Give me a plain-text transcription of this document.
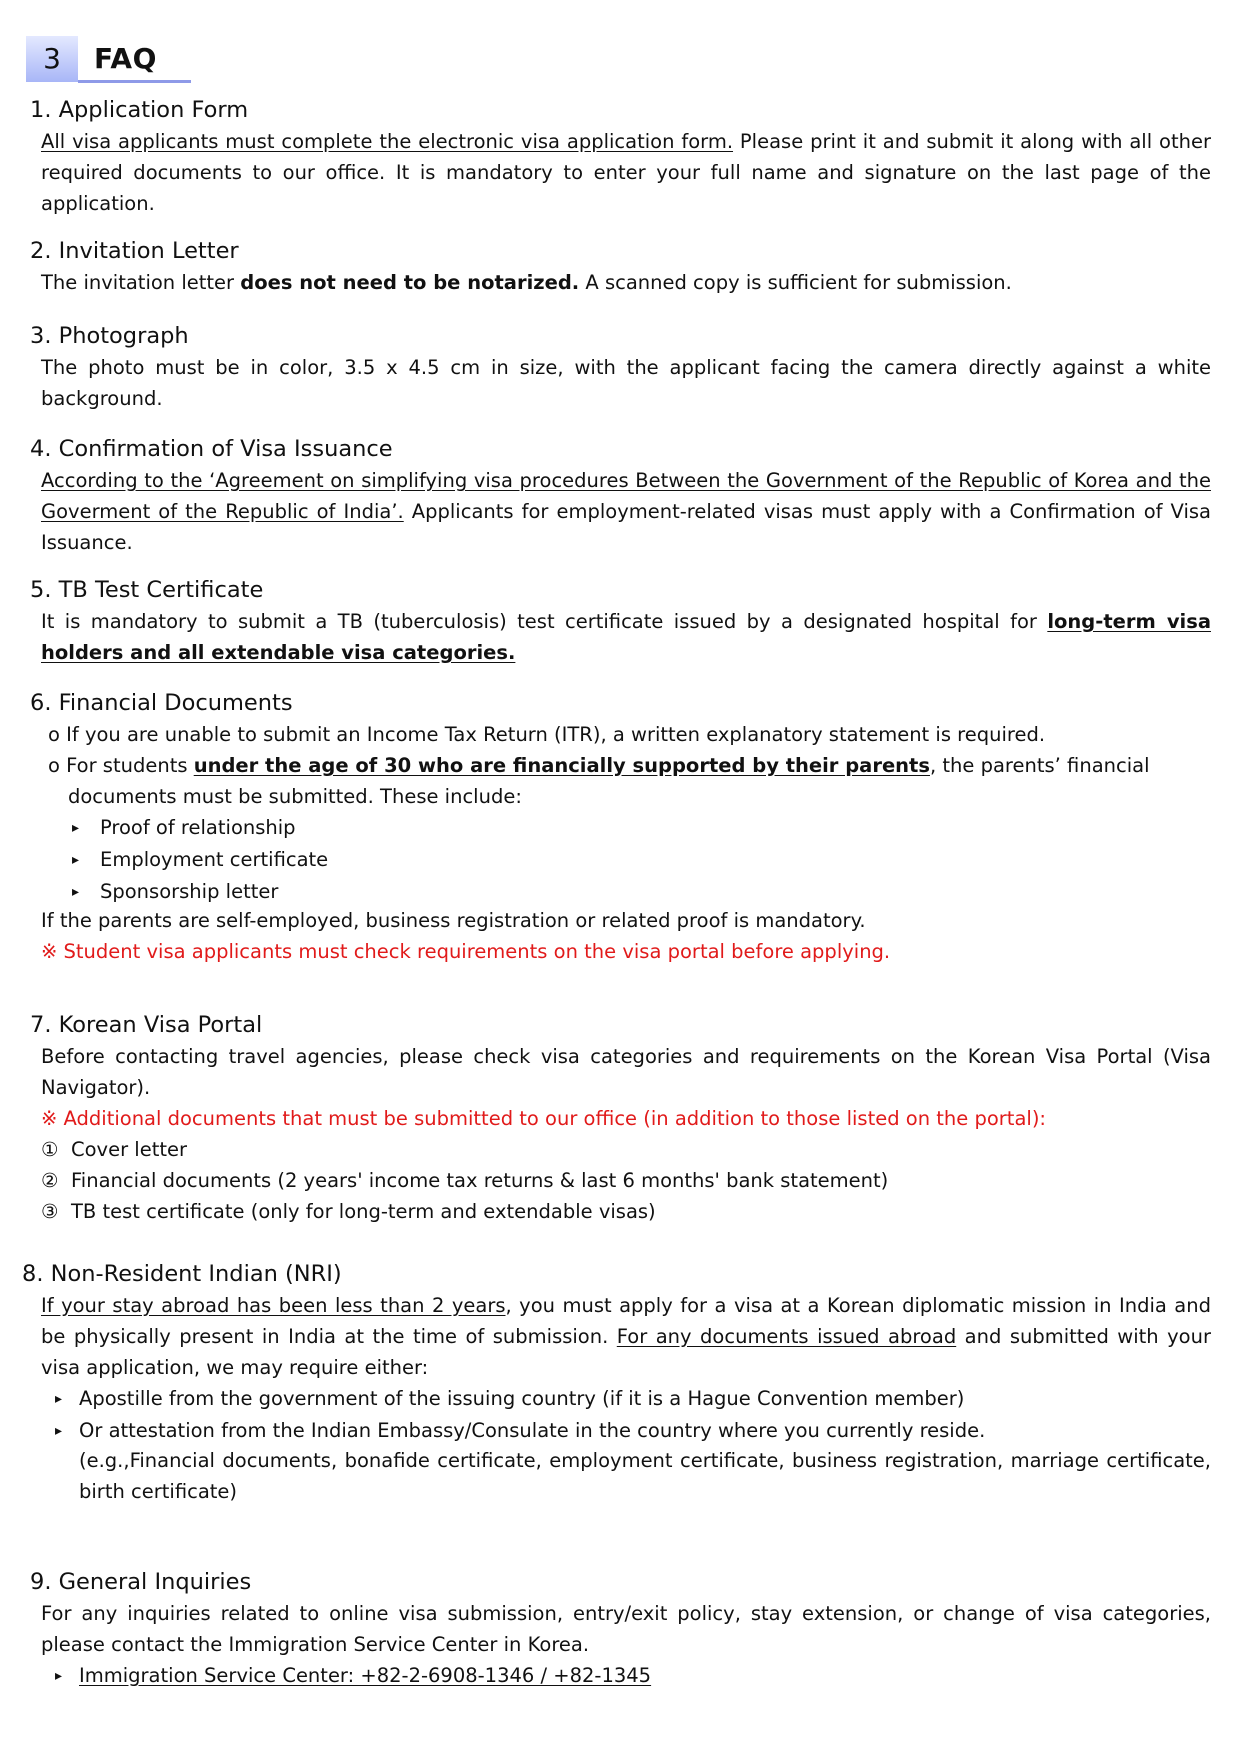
3	FAQ
1. Application Form
All visa applicants must complete the electronic visa application form. Please print it and submit it along with all other required documents to our office. It is mandatory to enter your full name and signature on the last page of the application.
2. Invitation Letter
The invitation letter does not need to be notarized. A scanned copy is sufficient for submission.
3. Photograph
The photo must be in color, 3.5 x 4.5 cm in size, with the applicant facing the camera directly against a white background.
4. Confirmation of Visa Issuance
According to the ‘Agreement on simplifying visa procedures Between the Government of the Republic of Korea and the Goverment of the Republic of India’. Applicants for employment-related visas must apply with a Confirmation of Visa Issuance.
5. TB Test Certificate
It is mandatory to submit a TB (tuberculosis) test certificate issued by a designated hospital for long-term visa holders and all extendable visa categories.
6. Financial Documents
o If you are unable to submit an Income Tax Return (ITR), a written explanatory statement is required.
o For students under the age of 30 who are financially supported by their parents, the parents’ financial
documents must be submitted. These include:
▸ Proof of relationship
▸ Employment certificate
▸ Sponsorship letter
If the parents are self-employed, business registration or related proof is mandatory.
※ Student visa applicants must check requirements on the visa portal before applying.
7. Korean Visa Portal
Before contacting travel agencies, please check visa categories and requirements on the Korean Visa Portal (Visa Navigator).
※ Additional documents that must be submitted to our office (in addition to those listed on the portal):
① Cover letter
② Financial documents (2 years' income tax returns & last 6 months' bank statement)
③ TB test certificate (only for long-term and extendable visas)
8. Non-Resident Indian (NRI)
If your stay abroad has been less than 2 years, you must apply for a visa at a Korean diplomatic mission in India and be physically present in India at the time of submission. For any documents issued abroad and submitted with your visa application, we may require either:
▸ Apostille from the government of the issuing country (if it is a Hague Convention member)
▸ Or attestation from the Indian Embassy/Consulate in the country where you currently reside.
(e.g.,Financial documents, bonafide certificate, employment certificate, business registration, marriage certificate, birth certificate)
9. General Inquiries
For any inquiries related to online visa submission, entry/exit policy, stay extension, or change of visa categories, please contact the Immigration Service Center in Korea.
▸ Immigration Service Center: +82-2-6908-1346 / +82-1345
